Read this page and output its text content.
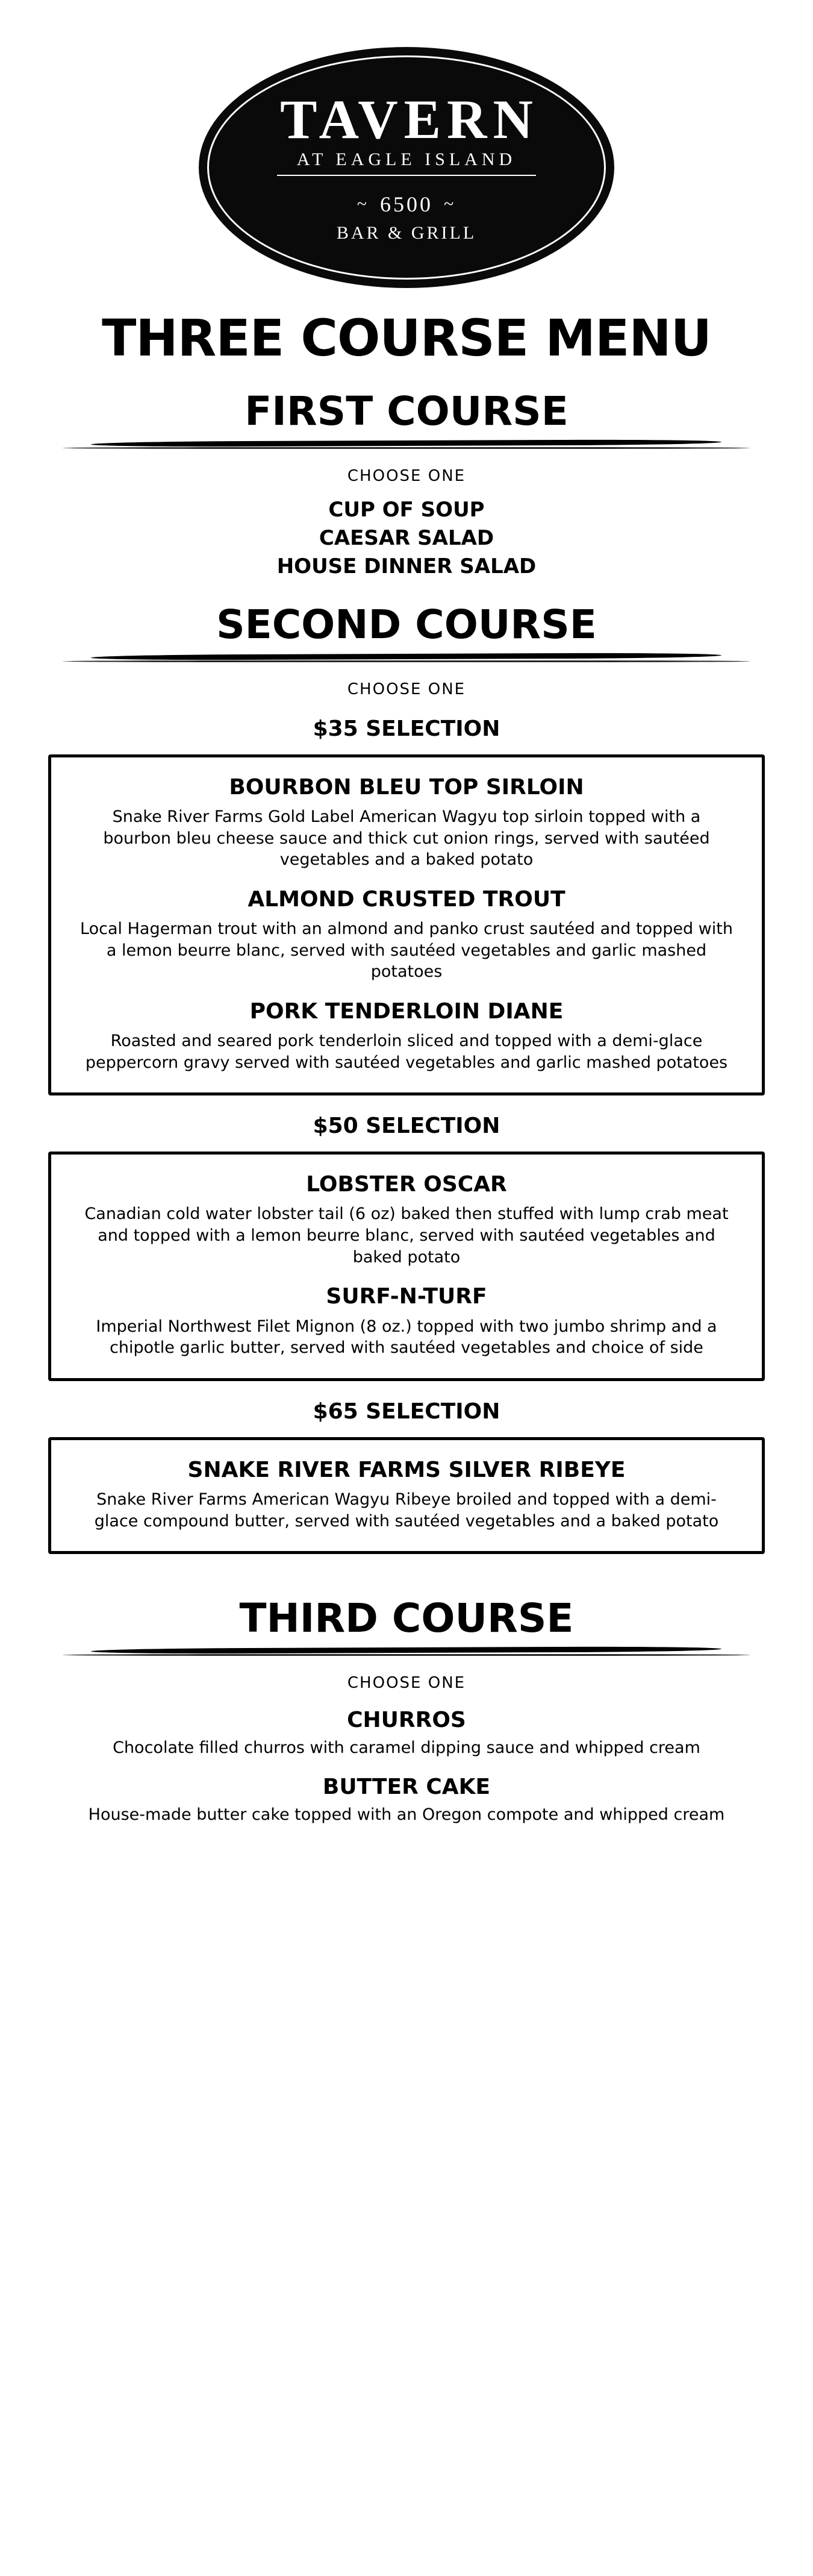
TAVERN
AT EAGLE ISLAND
~ 6500 ~
BAR & GRILL
THREE COURSE MENU
FIRST COURSE
CHOOSE ONE
CUP OF SOUP
CAESAR SALAD
HOUSE DINNER SALAD
SECOND COURSE
CHOOSE ONE
$35 SELECTION
BOURBON BLEU TOP SIRLOIN
Snake River Farms Gold Label American Wagyu top sirloin topped with a bourbon bleu cheese sauce and thick cut onion rings, served with sautéed vegetables and a baked potato
ALMOND CRUSTED TROUT
Local Hagerman trout with an almond and panko crust sautéed and topped with a lemon beurre blanc, served with sautéed vegetables and garlic mashed potatoes
PORK TENDERLOIN DIANE
Roasted and seared pork tenderloin sliced and topped with a demi-glace peppercorn gravy served with sautéed vegetables and garlic mashed potatoes
$50 SELECTION
LOBSTER OSCAR
Canadian cold water lobster tail (6 oz) baked then stuffed with lump crab meat and topped with a lemon beurre blanc, served with sautéed vegetables and baked potato
SURF-N-TURF
Imperial Northwest Filet Mignon (8 oz.) topped with two jumbo shrimp and a chipotle garlic butter, served with sautéed vegetables and choice of side
$65 SELECTION
SNAKE RIVER FARMS SILVER RIBEYE
Snake River Farms American Wagyu Ribeye broiled and topped with a demi-glace compound butter, served with sautéed vegetables and a baked potato
THIRD COURSE
CHOOSE ONE
CHURROS
Chocolate filled churros with caramel dipping sauce and whipped cream
BUTTER CAKE
House-made butter cake topped with an Oregon compote and whipped cream
